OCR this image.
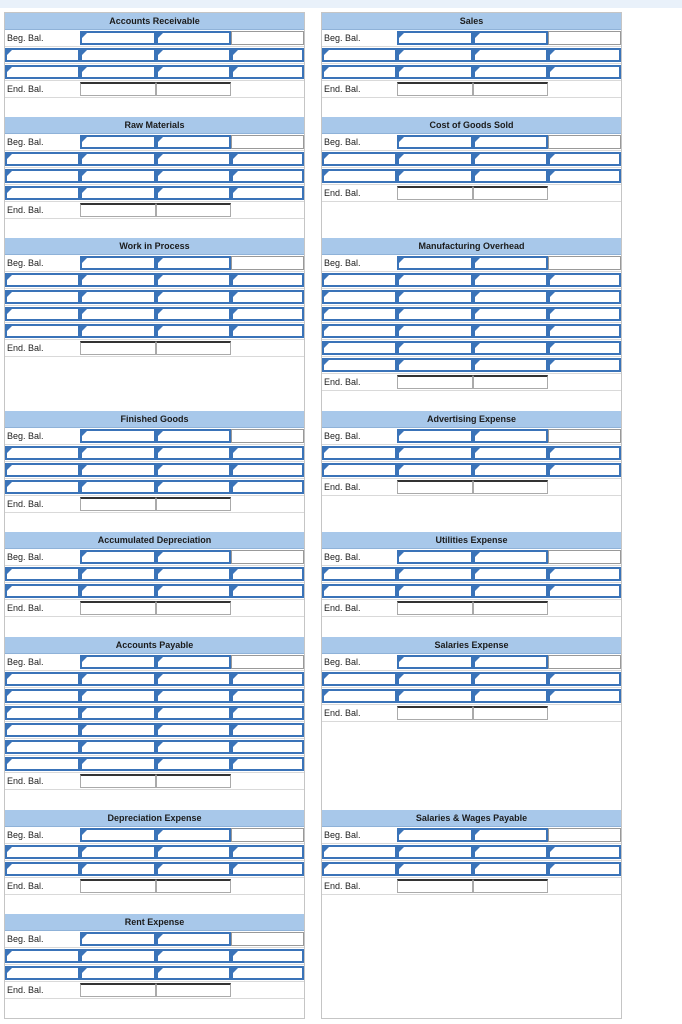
Accounts Receivable
Beg. Bal.
End. Bal.
Raw Materials
Beg. Bal.
End. Bal.
Work in Process
Beg. Bal.
End. Bal.
Finished Goods
Beg. Bal.
End. Bal.
Accumulated Depreciation
Beg. Bal.
End. Bal.
Accounts Payable
Beg. Bal.
End. Bal.
Depreciation Expense
Beg. Bal.
End. Bal.
Rent Expense
Beg. Bal.
End. Bal.
Sales
Beg. Bal.
End. Bal.
Cost of Goods Sold
Beg. Bal.
End. Bal.
Manufacturing Overhead
Beg. Bal.
End. Bal.
Advertising Expense
Beg. Bal.
End. Bal.
Utilities Expense
Beg. Bal.
End. Bal.
Salaries Expense
Beg. Bal.
End. Bal.
Salaries & Wages Payable
Beg. Bal.
End. Bal.
